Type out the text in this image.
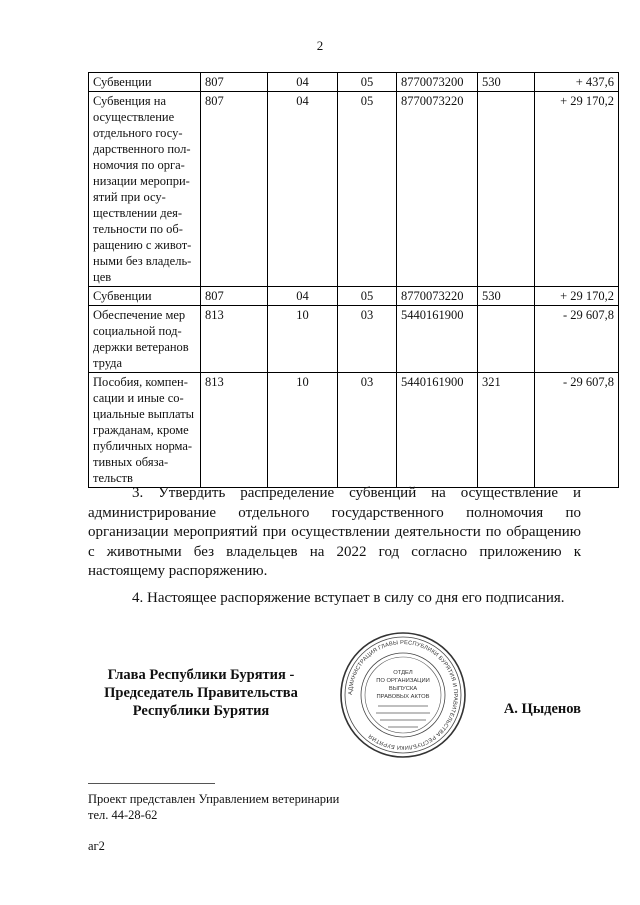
2
Субвенции	807	04	05	8770073200	530	+ 437,6
Субвенция на осуществление отдельного госу-дарственного пол-номочия по орга-низации меропри-ятий при осу-ществлении дея-тельности по об-ращению с живот-ными без владель-цев	807	04	05	8770073220		+ 29 170,2
Субвенции	807	04	05	8770073220	530	+ 29 170,2
Обеспечение мер социальной под-держки ветеранов труда	813	10	03	5440161900		- 29 607,8
Пособия, компен-сации и иные со-циальные выплаты гражданам, кроме публичных норма-тивных обяза-тельств	813	10	03	5440161900	321	- 29 607,8

3. Утвердить распределение субвенций на осуществление и администрирование отдельного государственного полномочия по организации мероприятий при осуществлении деятельности по обращению с животными без владельцев на 2022 год согласно приложению к настоящему распоряжению.

4. Настоящее распоряжение вступает в силу со дня его подписания.

Глава Республики Бурятия -
Председатель Правительства
Республики Бурятия
АДМИНИСТРАЦИЯ ГЛАВЫ РЕСПУБЛИКИ БУРЯТИЯ И ПРАВИТЕЛЬСТВА РЕСПУБЛИКИ БУРЯТИЯ
ОТДЕЛ
ПО ОРГАНИЗАЦИИ
ВЫПУСКА
ПРАВОВЫХ АКТОВ
А. Цыденов
Проект представлен Управлением ветеринарии
тел. 44-28-62
аг2
